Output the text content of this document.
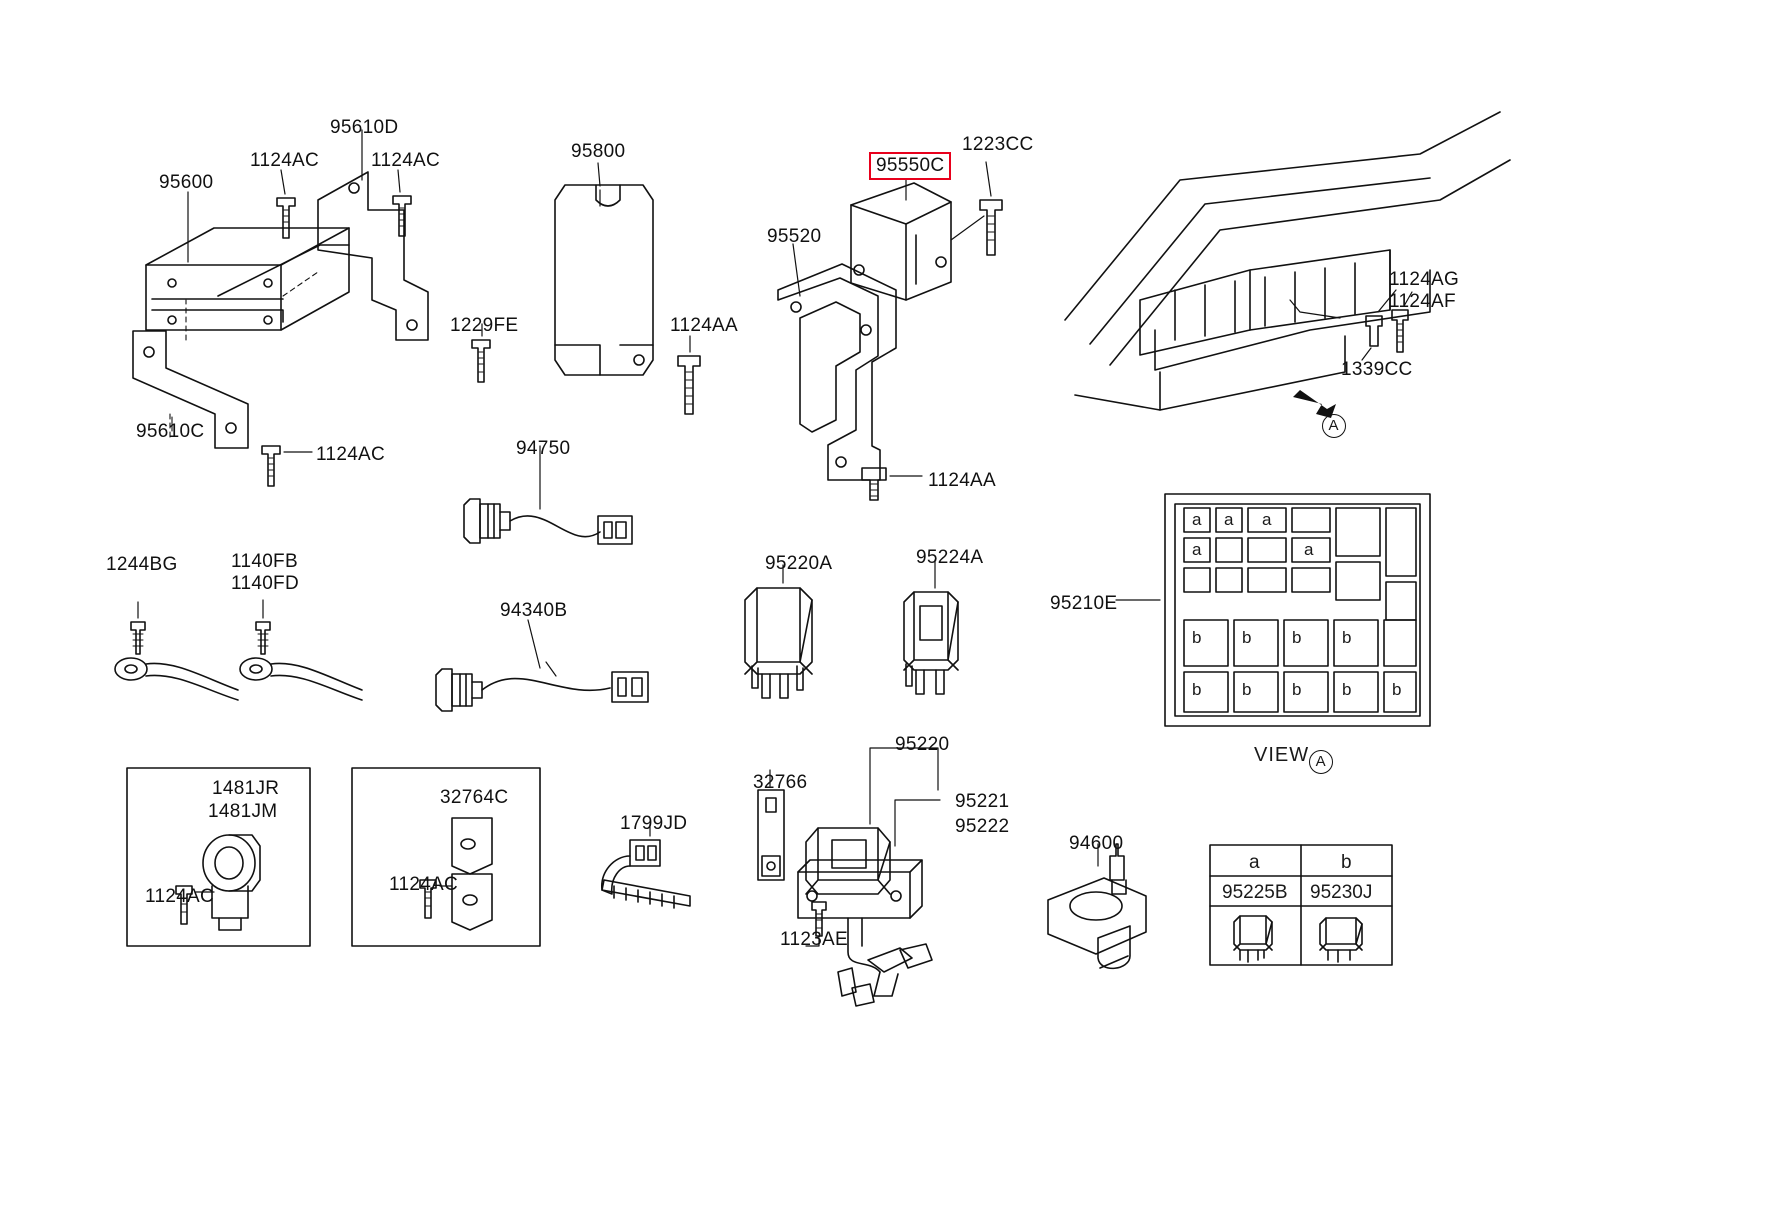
95550C
95610D
1124AC	1124AC	95800	1223CC
95600
95520
1124AG
1124AF
1229FE	1124AA
1339CC
95610C
94750
1124AC
1124AA
1244BG	1140FB
1140FD
95220A	95224A
95210E
94340B
95220
32766
1481JR
1481JM	95221
32764C
1799JD	95222
94600
1124AC
1124AC
1123AE
a a a
a	a
b b b b
b b b b b
VIEW A
A
a	b
95225B 95230J
